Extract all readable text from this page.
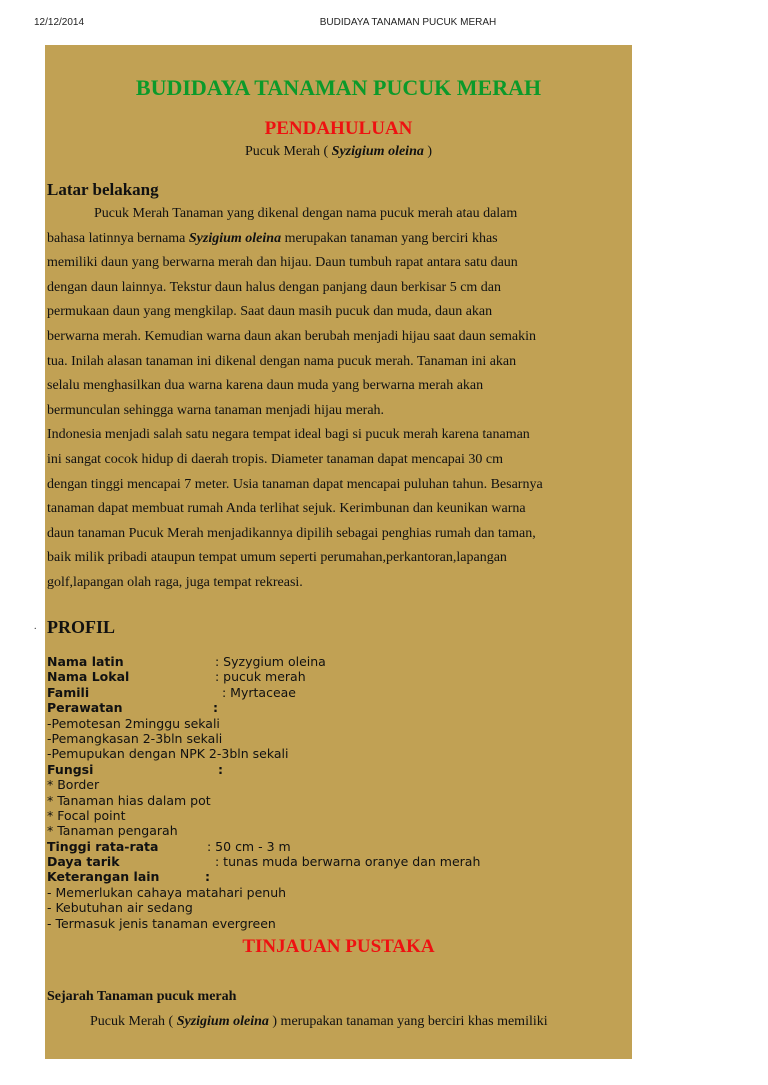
12/12/2014	BUDIDAYA TANAMAN PUCUK MERAH
.
BUDIDAYA TANAMAN PUCUK MERAH
PENDAHULUAN
Pucuk Merah ( Syzigium oleina )
Latar belakang
Pucuk Merah Tanaman yang dikenal dengan nama pucuk merah atau dalam
bahasa latinnya bernama Syzigium oleina merupakan tanaman yang berciri khas
memiliki daun yang berwarna merah dan hijau. Daun tumbuh rapat antara satu daun
dengan daun lainnya. Tekstur daun halus dengan panjang daun berkisar 5 cm dan
permukaan daun yang mengkilap. Saat daun masih pucuk dan muda, daun akan
berwarna merah. Kemudian warna daun akan berubah menjadi hijau saat daun semakin
tua. Inilah alasan tanaman ini dikenal dengan nama pucuk merah. Tanaman ini akan
selalu menghasilkan dua warna karena daun muda yang berwarna merah akan
bermunculan sehingga warna tanaman menjadi hijau merah.
Indonesia menjadi salah satu negara tempat ideal bagi si pucuk merah karena tanaman
ini sangat cocok hidup di daerah tropis. Diameter tanaman dapat mencapai 30 cm
dengan tinggi mencapai 7 meter. Usia tanaman dapat mencapai puluhan tahun. Besarnya
tanaman dapat membuat rumah Anda terlihat sejuk. Kerimbunan dan keunikan warna
daun tanaman Pucuk Merah menjadikannya dipilih sebagai penghias rumah dan taman,
baik milik pribadi ataupun tempat umum seperti perumahan,perkantoran,lapangan
golf,lapangan olah raga, juga tempat rekreasi.
PROFIL
Nama latin	: Syzygium oleina
Nama Lokal	: pucuk merah
Famili	: Myrtaceae
Perawatan	:
-Pemotesan 2minggu sekali
-Pemangkasan 2-3bln sekali
-Pemupukan dengan NPK 2-3bln sekali
Fungsi	:
* Border
* Tanaman hias dalam pot
* Focal point
* Tanaman pengarah
Tinggi rata-rata	: 50 cm - 3 m
Daya tarik	: tunas muda berwarna oranye dan merah
Keterangan lain	:
- Memerlukan cahaya matahari penuh
- Kebutuhan air sedang
- Termasuk jenis tanaman evergreen
TINJAUAN PUSTAKA
Sejarah Tanaman pucuk merah
Pucuk Merah ( Syzigium oleina ) merupakan tanaman yang berciri khas memiliki
